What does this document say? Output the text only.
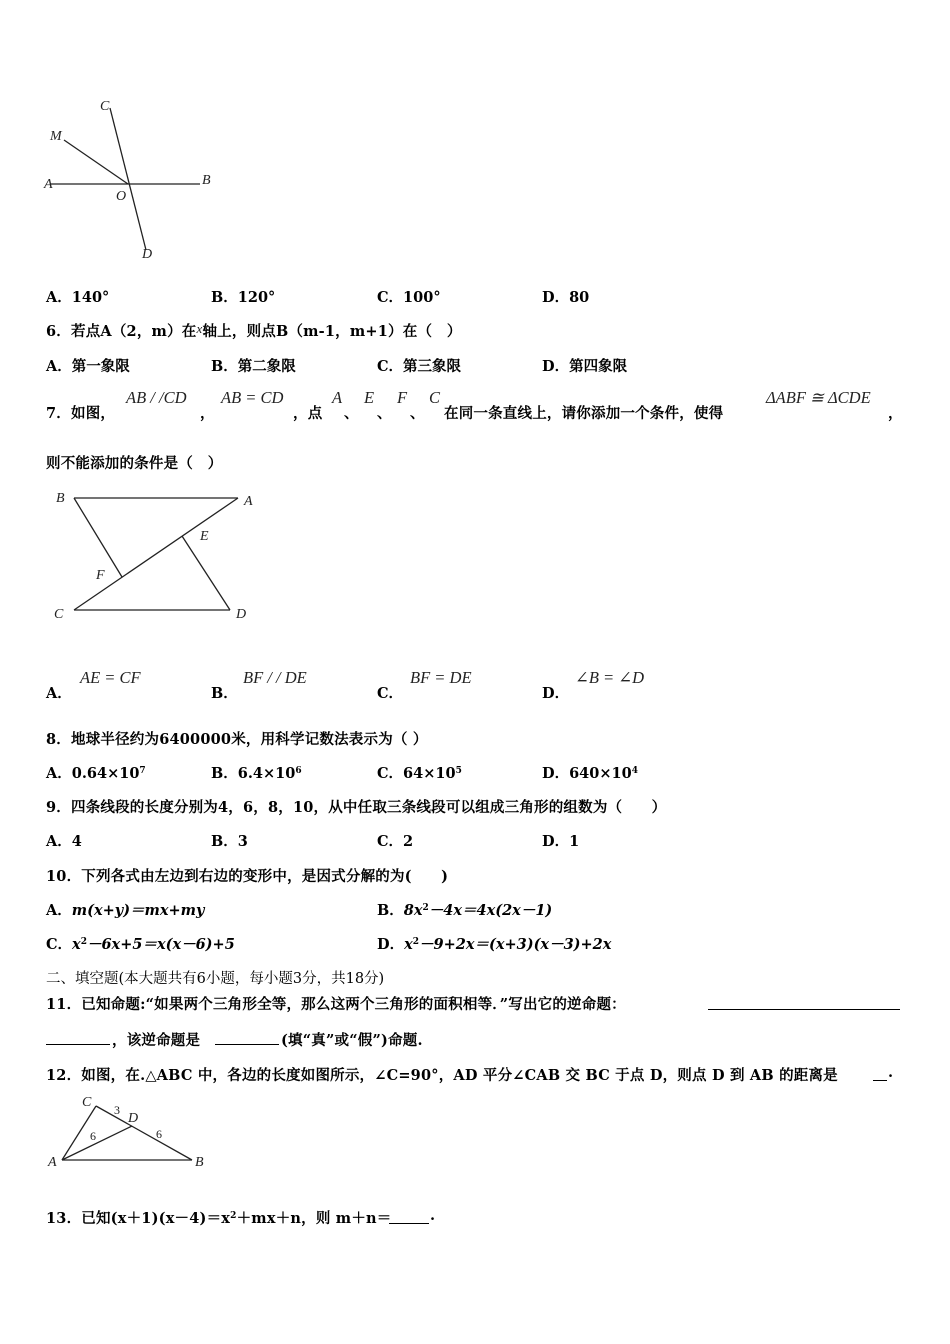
C
M
A
O
B
D
A．140°	B．120°	C．100°	D．80
6．若点A（2，m）在x轴上，则点B（m-1，m+1）在（　）
A．第一象限	B．第二象限	C．第三象限	D．第四象限
7．如图，
AB / /CD
，
AB = CD
，点
A
、
E
、
F
、
C
在同一条直线上，请你添加一个条件，使得
ΔABF ≅ ΔCDE
，
则不能添加的条件是（　）
B	A
E
F
C	D
A．
AE = CF
B．
BF / / DE
C．
BF = DE
D．
∠B = ∠D
8．地球半径约为6400000米，用科学记数法表示为（ ）
A．$0.64\times 10^7$	B．$6.4\times 10^6$	C．$64\times 10^5$	D．$640\times 10^4$
9．四条线段的长度分别为4，6，8，10，从中任取三条线段可以组成三角形的组数为（　　）
A．4	B．3	C．2	D．1
10．下列各式由左边到右边的变形中，是因式分解的为(　　)
A．m(x+y)＝mx+my	B．$8x^2-4x=4x(2x-1)$
C．$x^2-6x+5=x(x-6)+5$	D．$x^2-9+2x=(x+3)(x-3)+2x$
二、填空题(本大题共有6小题，每小题3分，共18分)
11．已知命题:“如果两个三角形全等，那么这两个三角形的面积相等．”写出它的逆命题：
，该逆命题是	(填“真”或“假”)命题.
12．如图，在.△ABC 中，各边的长度如图所示，∠C=90°，AD 平分∠CAB 交 BC 于点 D，则点 D 到 AB 的距离是	.
C 3
D
6	6
A	B
13．已知$(x+1)(x-4)=x^2+mx+n$，则 m＋n＝	.
